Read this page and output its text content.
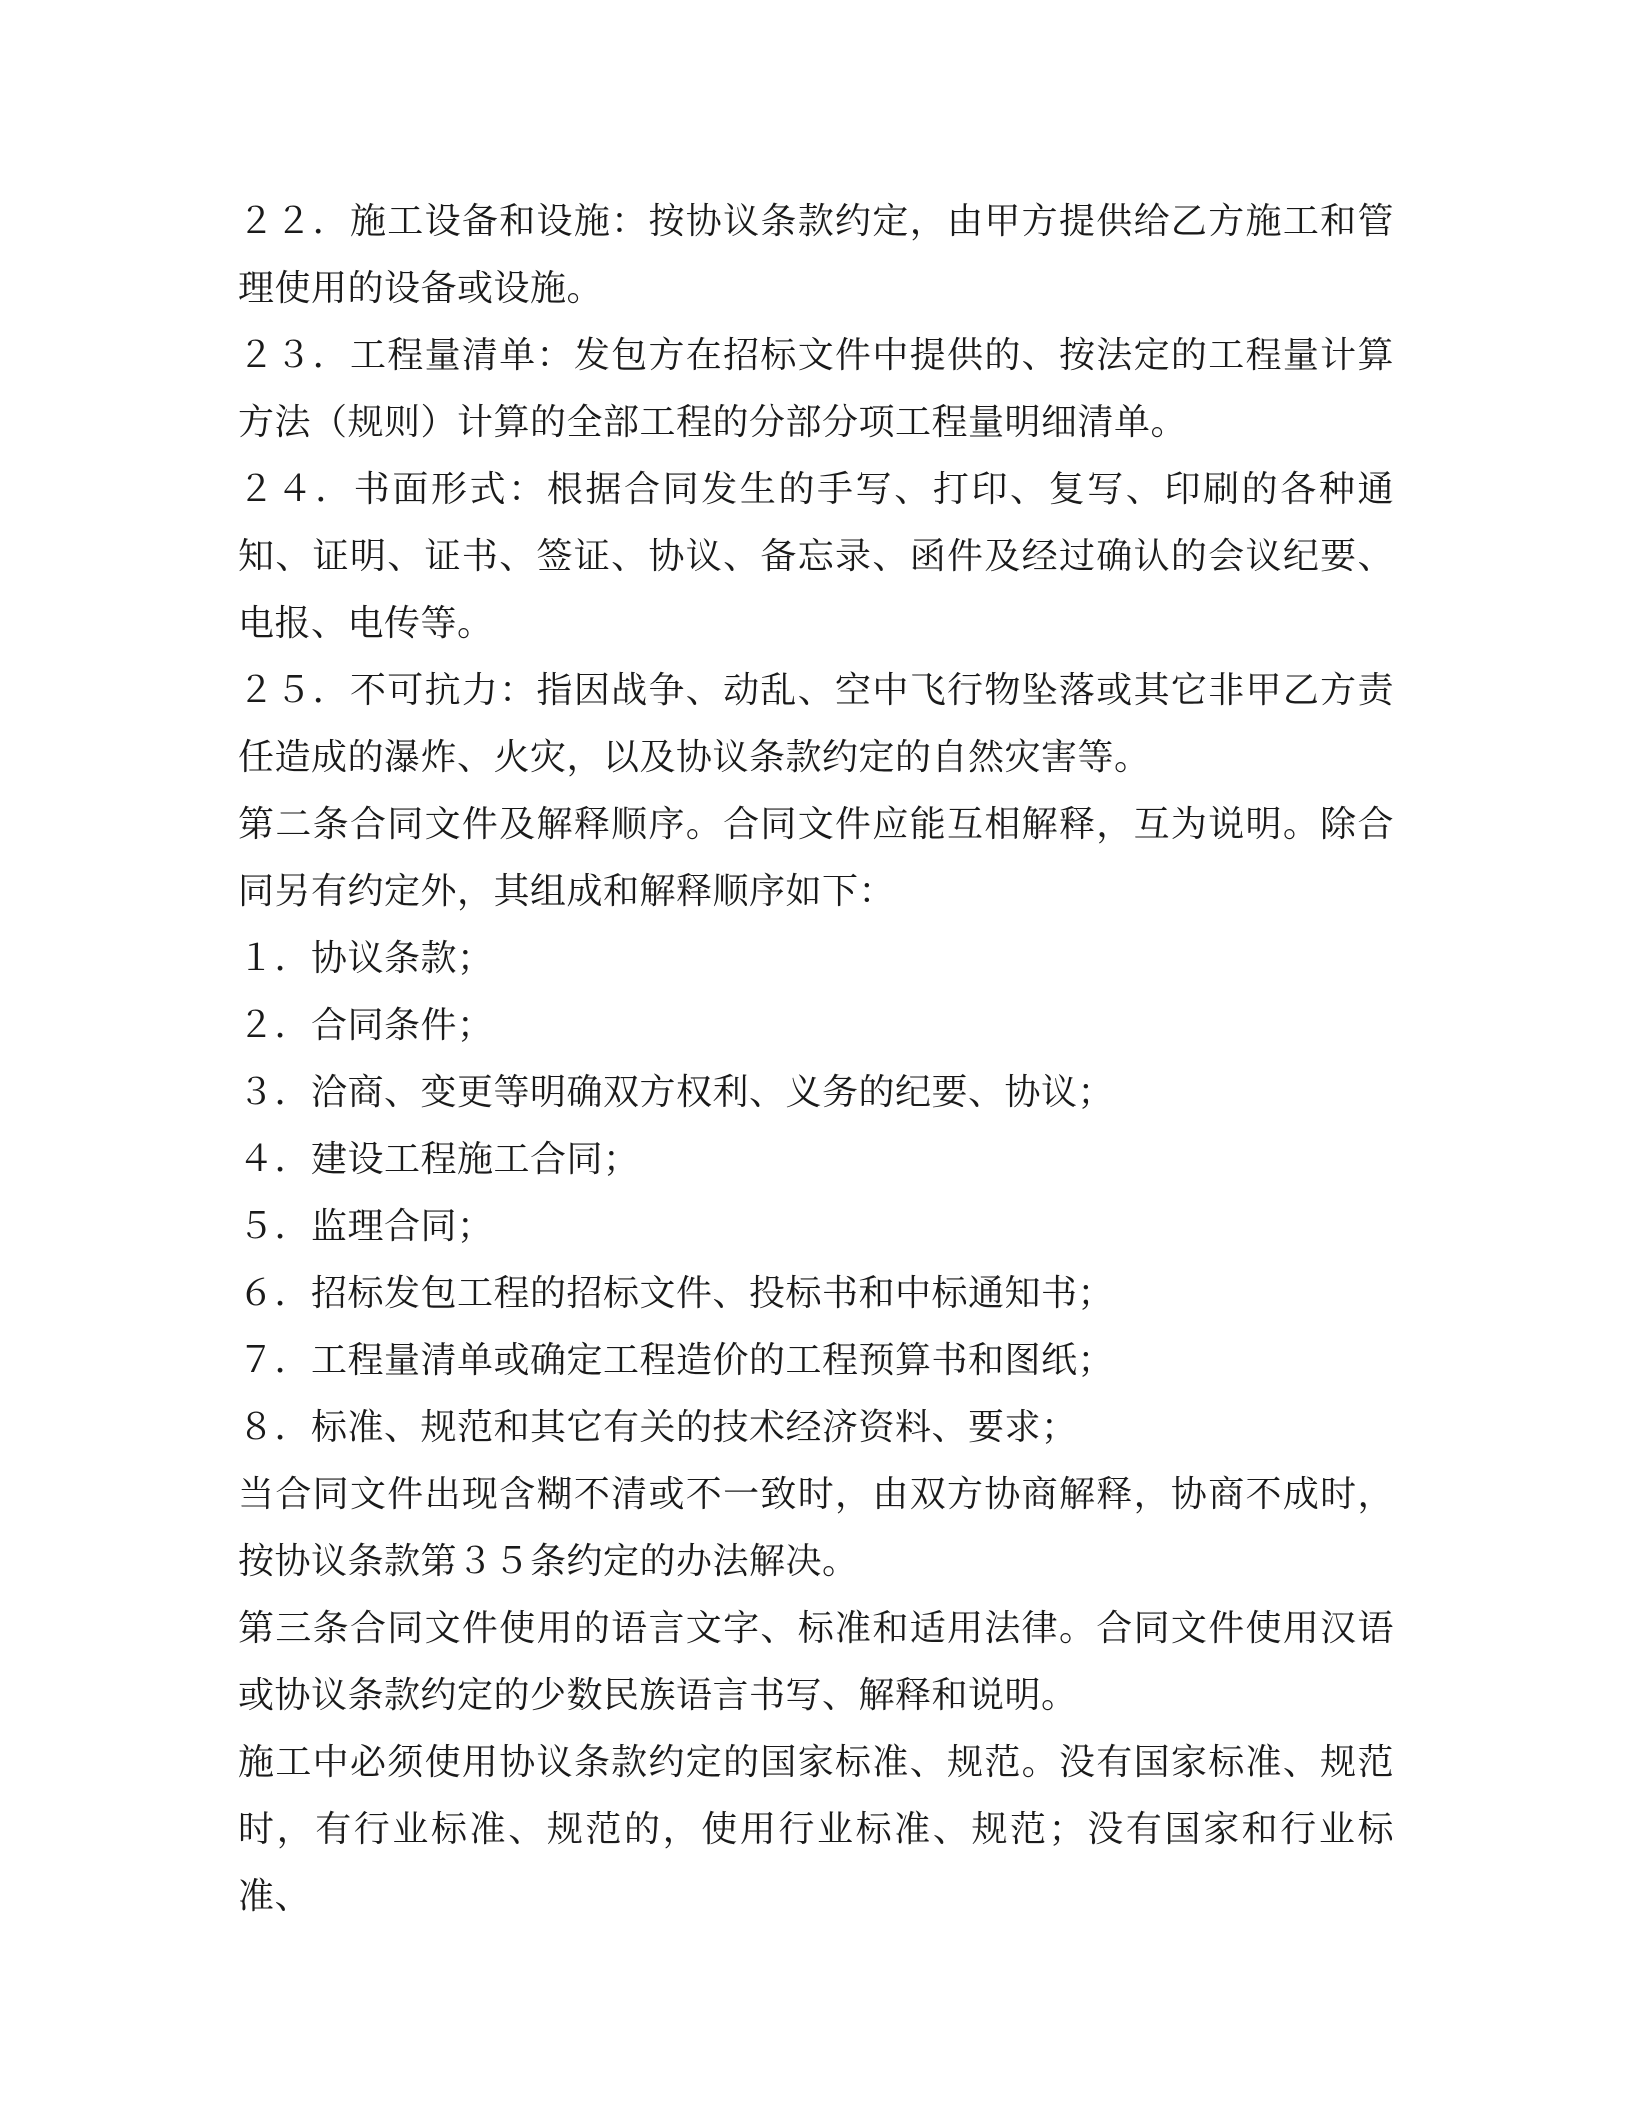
２２．施工设备和设施：按协议条款约定，由甲方提供给乙方施工和管理使用的设备或设施。

２３．工程量清单：发包方在招标文件中提供的、按法定的工程量计算方法（规则）计算的全部工程的分部分项工程量明细清单。

２４．书面形式：根据合同发生的手写、打印、复写、印刷的各种通知、证明、证书、签证、协议、备忘录、函件及经过确认的会议纪要、电报、电传等。

２５．不可抗力：指因战争、动乱、空中飞行物坠落或其它非甲乙方责任造成的瀑炸、火灾，以及协议条款约定的自然灾害等。

第二条合同文件及解释顺序。合同文件应能互相解释，互为说明。除合同另有约定外，其组成和解释顺序如下：

１．协议条款；

２．合同条件；

３．洽商、变更等明确双方权利、义务的纪要、协议；

４．建设工程施工合同；

５．监理合同；

６．招标发包工程的招标文件、投标书和中标通知书；

７．工程量清单或确定工程造价的工程预算书和图纸；

８．标准、规范和其它有关的技术经济资料、要求；

当合同文件出现含糊不清或不一致时，由双方协商解释，协商不成时，按协议条款第３５条约定的办法解决。

第三条合同文件使用的语言文字、标准和适用法律。合同文件使用汉语或协议条款约定的少数民族语言书写、解释和说明。

施工中必须使用协议条款约定的国家标准、规范。没有国家标准、规范时，有行业标准、规范的，使用行业标准、规范；没有国家和行业标准、
